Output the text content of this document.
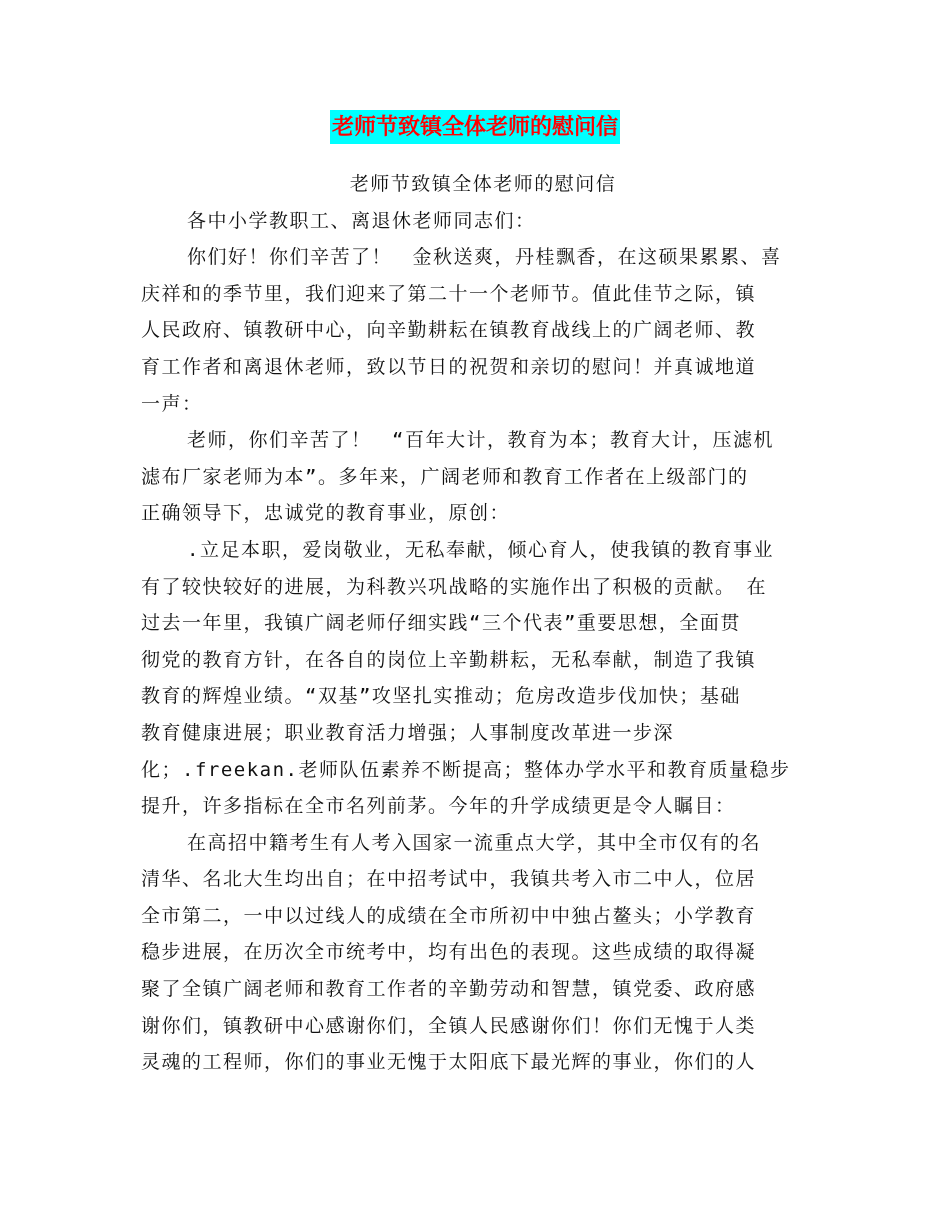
老师节致镇全体老师的慰问信
老师节致镇全体老师的慰问信
各中小学教职工、离退休老师同志们：
你们好！你们辛苦了！　金秋送爽，丹桂飘香，在这硕果累累、喜
庆祥和的季节里，我们迎来了第二十一个老师节。值此佳节之际，镇
人民政府、镇教研中心，向辛勤耕耘在镇教育战线上的广阔老师、教
育工作者和离退休老师，致以节日的祝贺和亲切的慰问！并真诚地道
一声：
老师，你们辛苦了！　“百年大计，教育为本；教育大计，压滤机
滤布厂家老师为本”。多年来，广阔老师和教育工作者在上级部门的
正确领导下，忠诚党的教育事业，原创：
.立足本职，爱岗敬业，无私奉献，倾心育人，使我镇的教育事业
有了较快较好的进展，为科教兴巩战略的实施作出了积极的贡献。　在
过去一年里，我镇广阔老师仔细实践“三个代表”重要思想，全面贯
彻党的教育方针，在各自的岗位上辛勤耕耘，无私奉献，制造了我镇
教育的辉煌业绩。“双基”攻坚扎实推动；危房改造步伐加快；基础
教育健康进展；职业教育活力增强；人事制度改革进一步深
化；.freekan.老师队伍素养不断提高；整体办学水平和教育质量稳步
提升，许多指标在全市名列前茅。今年的升学成绩更是令人瞩目：
在高招中籍考生有人考入国家一流重点大学，其中全市仅有的名
清华、名北大生均出自；在中招考试中，我镇共考入市二中人，位居
全市第二，一中以过线人的成绩在全市所初中中独占鳌头；小学教育
稳步进展，在历次全市统考中，均有出色的表现。这些成绩的取得凝
聚了全镇广阔老师和教育工作者的辛勤劳动和智慧，镇党委、政府感
谢你们，镇教研中心感谢你们，全镇人民感谢你们！你们无愧于人类
灵魂的工程师，你们的事业无愧于太阳底下最光辉的事业，你们的人
